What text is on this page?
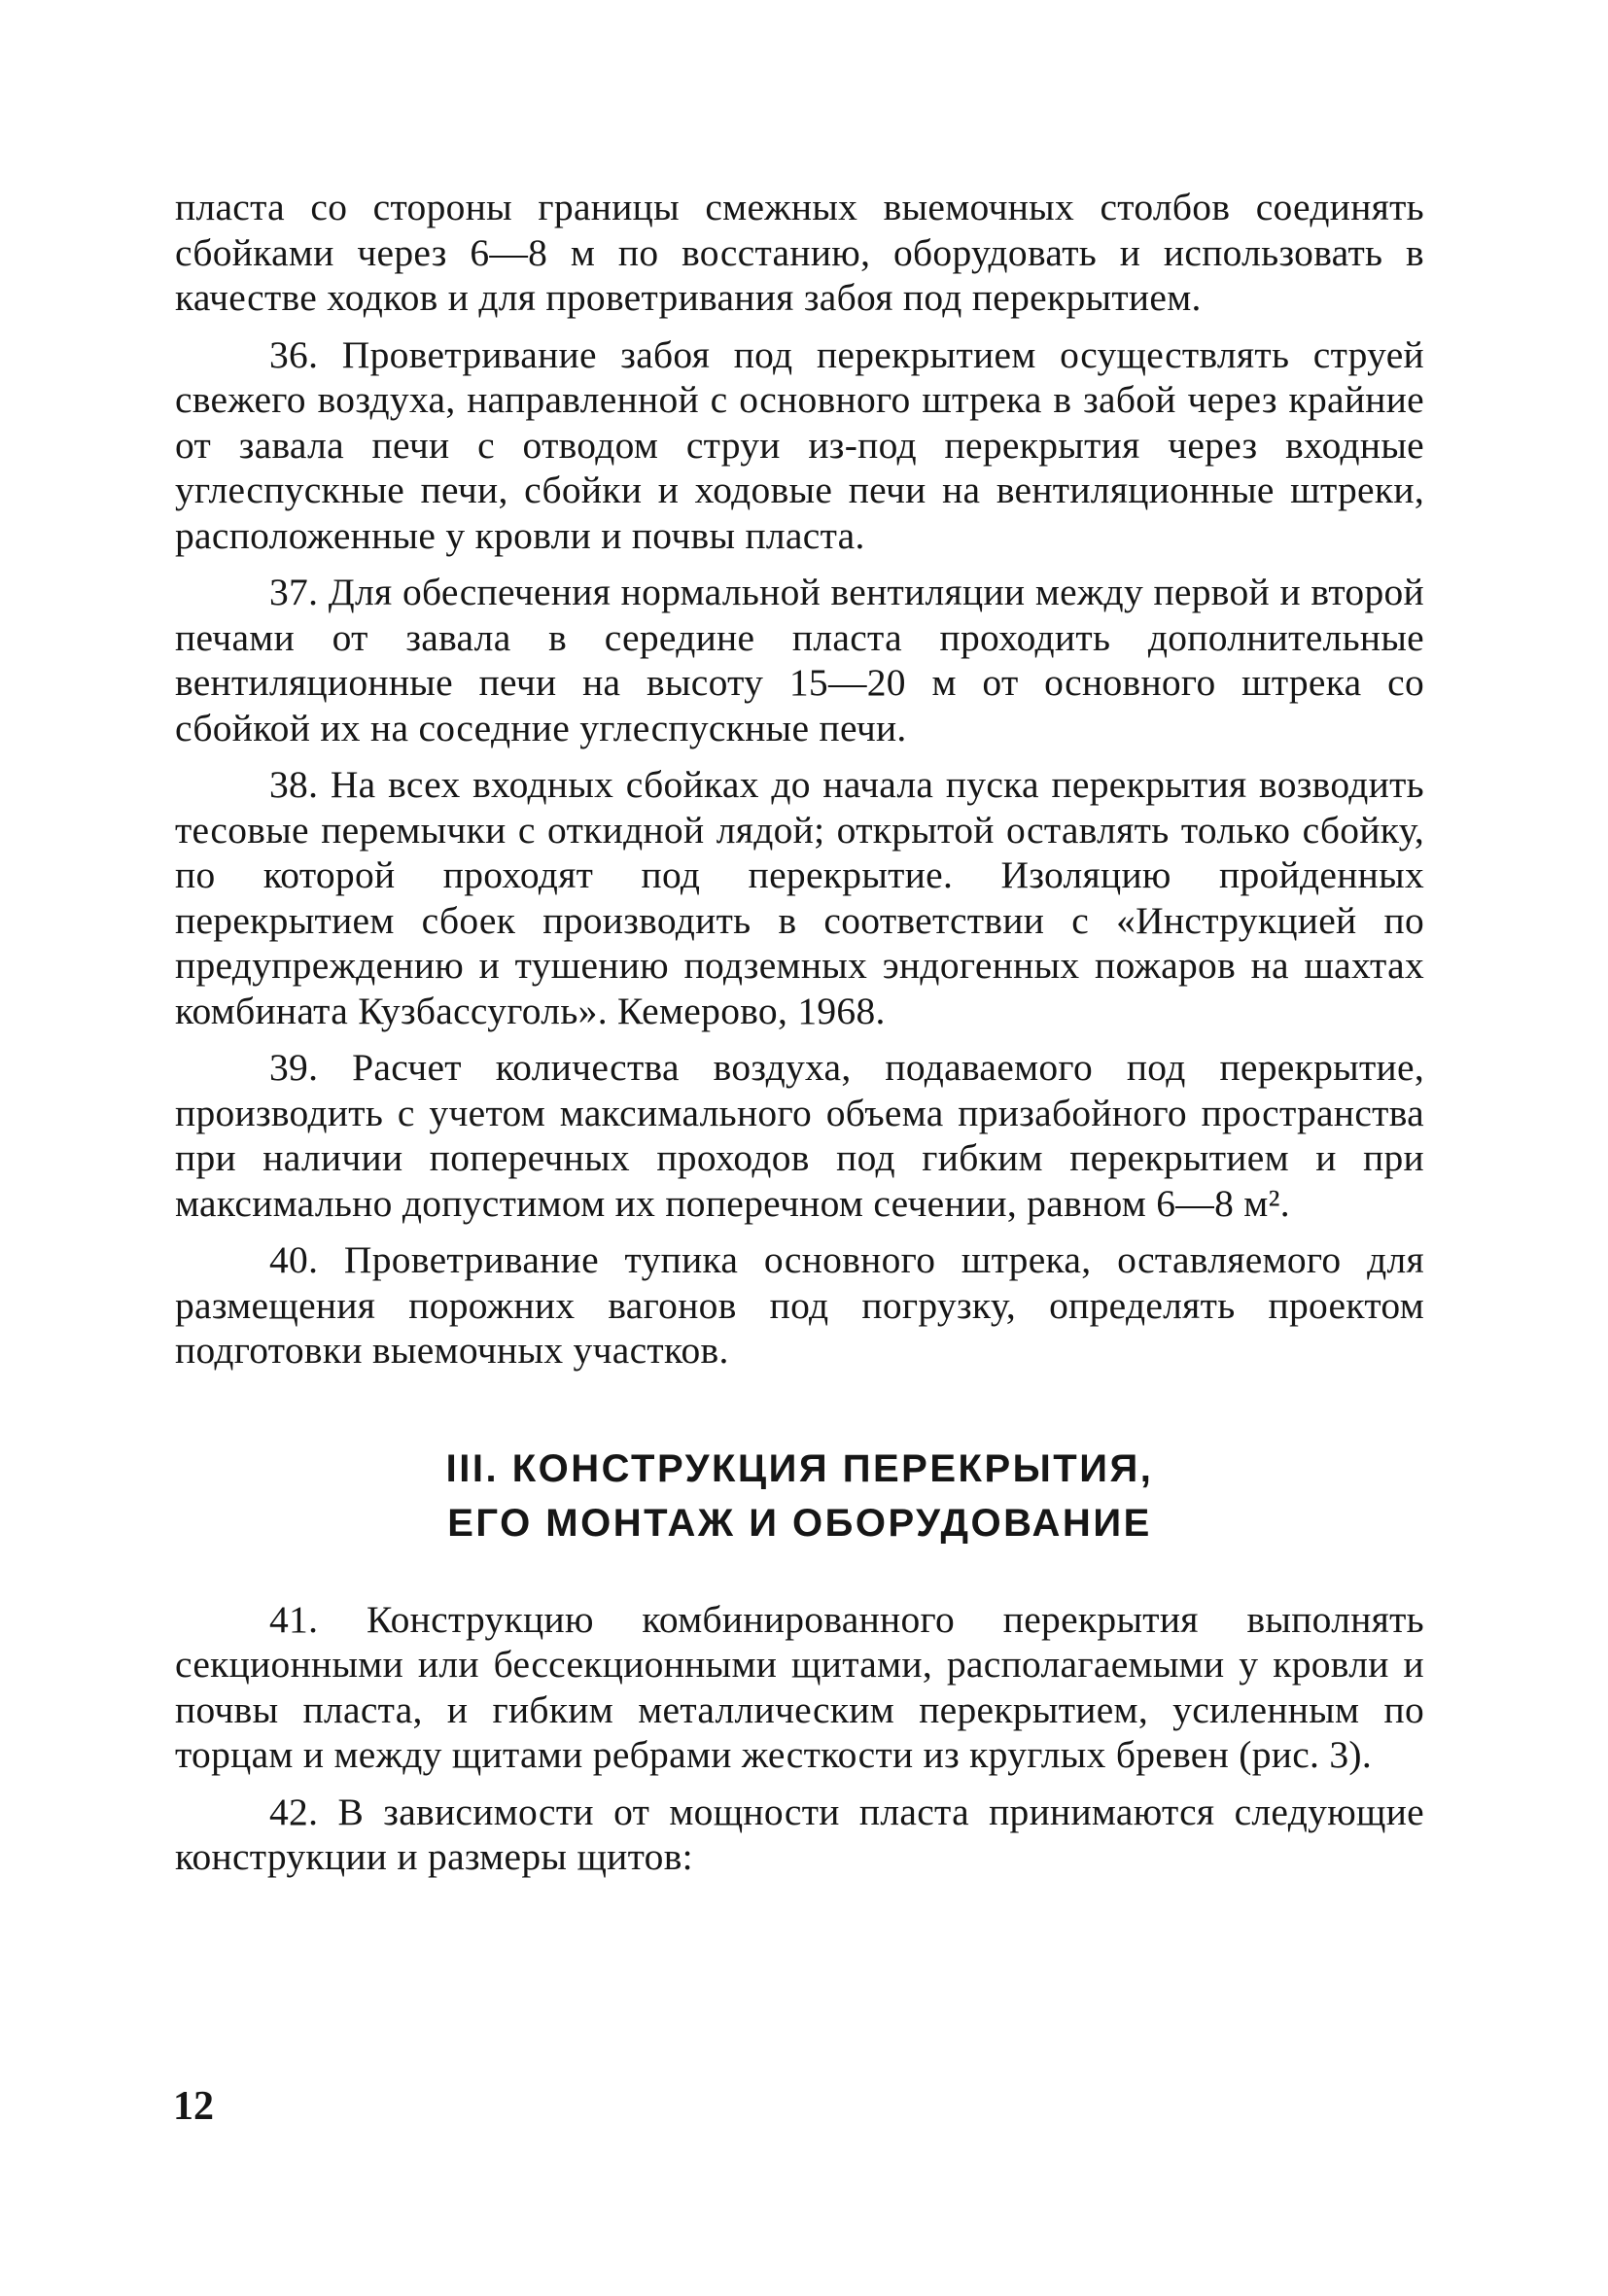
пласта со стороны границы смежных выемочных столбов соединять сбойками через 6—8 м по восстанию, оборудовать и использовать в качестве ходков и для проветривания забоя под перекрытием.

36. Проветривание забоя под перекрытием осуществлять струей свежего воздуха, направленной с основного штрека в забой через крайние от завала печи с отводом струи из-под перекрытия через входные углеспускные печи, сбойки и ходовые печи на вентиляционные штреки, расположенные у кровли и почвы пласта.

37. Для обеспечения нормальной вентиляции между первой и второй печами от завала в середине пласта проходить дополнительные вентиляционные печи на высоту 15—20 м от основного штрека со сбойкой их на соседние углеспускные печи.

38. На всех входных сбойках до начала пуска перекрытия возводить тесовые перемычки с откидной лядой; открытой оставлять только сбойку, по которой проходят под перекрытие. Изоляцию пройденных перекрытием сбоек производить в соответствии с «Инструкцией по предупреждению и тушению подземных эндогенных пожаров на шахтах комбината Кузбассуголь». Кемерово, 1968.

39. Расчет количества воздуха, подаваемого под перекрытие, производить с учетом максимального объема призабойного пространства при наличии поперечных проходов под гибким перекрытием и при максимально допустимом их поперечном сечении, равном 6—8 м².

40. Проветривание тупика основного штрека, оставляемого для размещения порожних вагонов под погрузку, определять проектом подготовки выемочных участков.

III. КОНСТРУКЦИЯ ПЕРЕКРЫТИЯ,

ЕГО МОНТАЖ И ОБОРУДОВАНИЕ

41. Конструкцию комбинированного перекрытия выполнять секционными или бессекционными щитами, располагаемыми у кровли и почвы пласта, и гибким металлическим перекрытием, усиленным по торцам и между щитами ребрами жесткости из круглых бревен (рис. 3).

42. В зависимости от мощности пласта принимаются следующие конструкции и размеры щитов:

12
